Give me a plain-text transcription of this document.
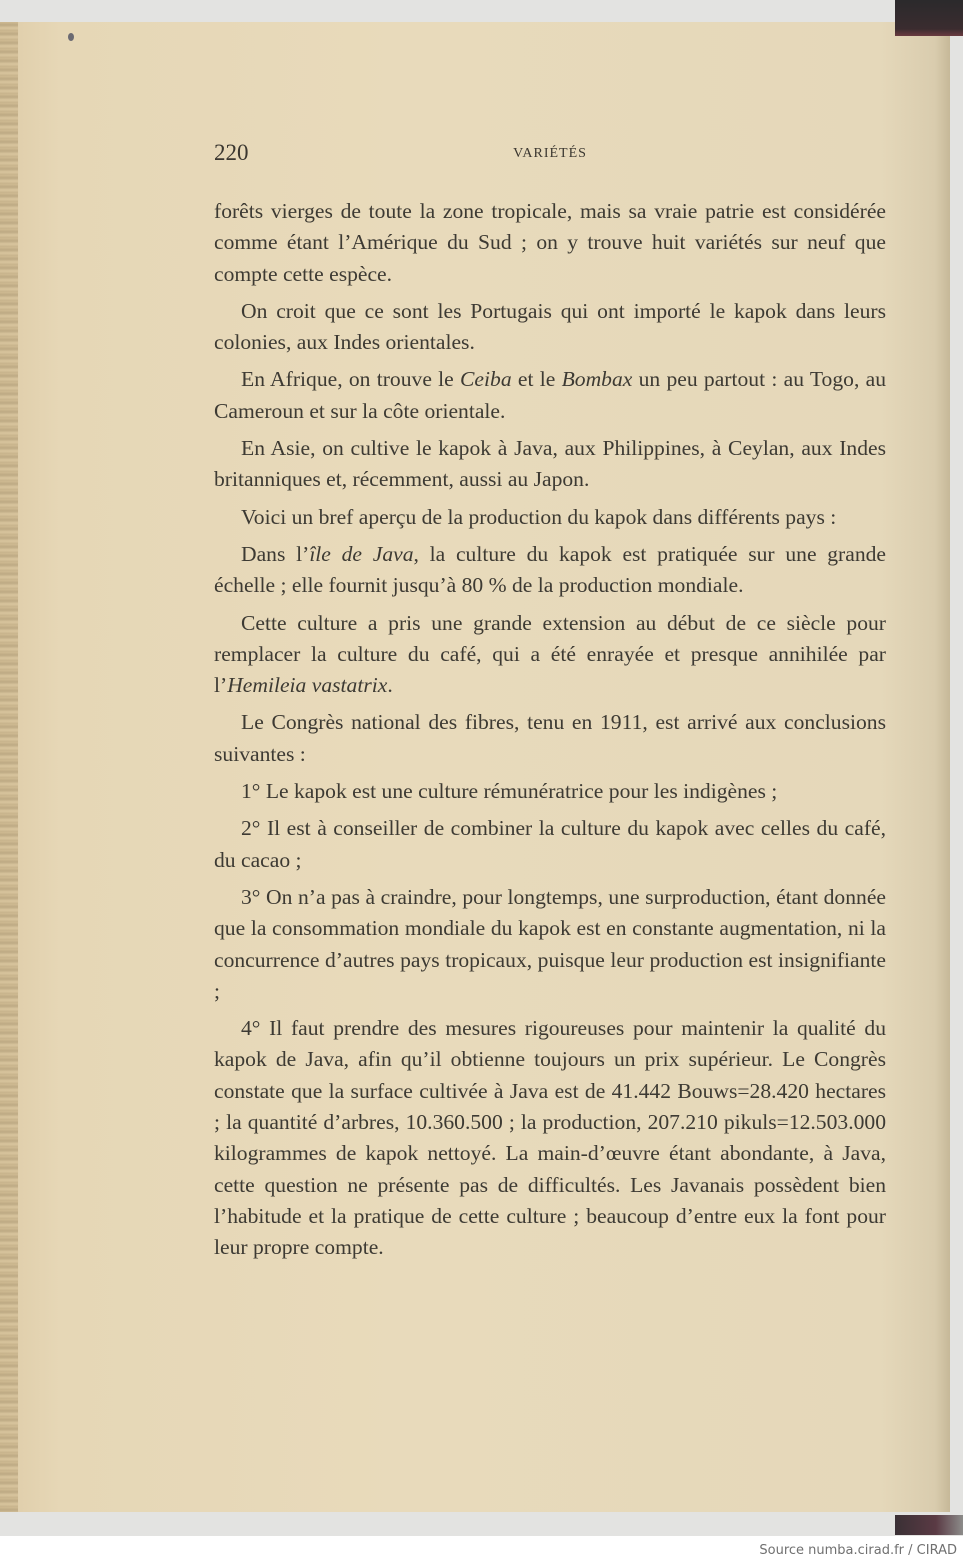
220	VARIÉTÉS

forêts vierges de toute la zone tropicale, mais sa vraie patrie est considérée comme étant l’Amérique du Sud ; on y trouve huit variétés sur neuf que compte cette espèce.

On croit que ce sont les Portugais qui ont importé le kapok dans leurs colonies, aux Indes orientales.

En Afrique, on trouve le Ceiba et le Bombax un peu partout : au Togo, au Cameroun et sur la côte orientale.

En Asie, on cultive le kapok à Java, aux Philippines, à Ceylan, aux Indes britanniques et, récemment, aussi au Japon.

Voici un bref aperçu de la production du kapok dans différents pays :

Dans l’île de Java, la culture du kapok est pratiquée sur une grande échelle ; elle fournit jusqu’à 80 % de la production mondiale.

Cette culture a pris une grande extension au début de ce siècle pour remplacer la culture du café, qui a été enrayée et presque annihilée par l’Hemileia vastatrix.

Le Congrès national des fibres, tenu en 1911, est arrivé aux conclusions suivantes :

1° Le kapok est une culture rémunératrice pour les indigènes ;

2° Il est à conseiller de combiner la culture du kapok avec celles du café, du cacao ;

3° On n’a pas à craindre, pour longtemps, une surproduction, étant donnée que la consommation mondiale du kapok est en constante augmentation, ni la concurrence d’autres pays tropicaux, puisque leur production est insignifiante ;

4° Il faut prendre des mesures rigoureuses pour maintenir la qualité du kapok de Java, afin qu’il obtienne toujours un prix supérieur. Le Congrès constate que la surface cultivée à Java est de 41.442 Bouws=28.420 hectares ; la quantité d’arbres, 10.360.500 ; la production, 207.210 pikuls=12.503.000 kilogrammes de kapok nettoyé. La main-d’œuvre étant abondante, à Java, cette question ne présente pas de difficultés. Les Javanais possèdent bien l’habitude et la pratique de cette culture ; beaucoup d’entre eux la font pour leur propre compte.

Source numba.cirad.fr / CIRAD
